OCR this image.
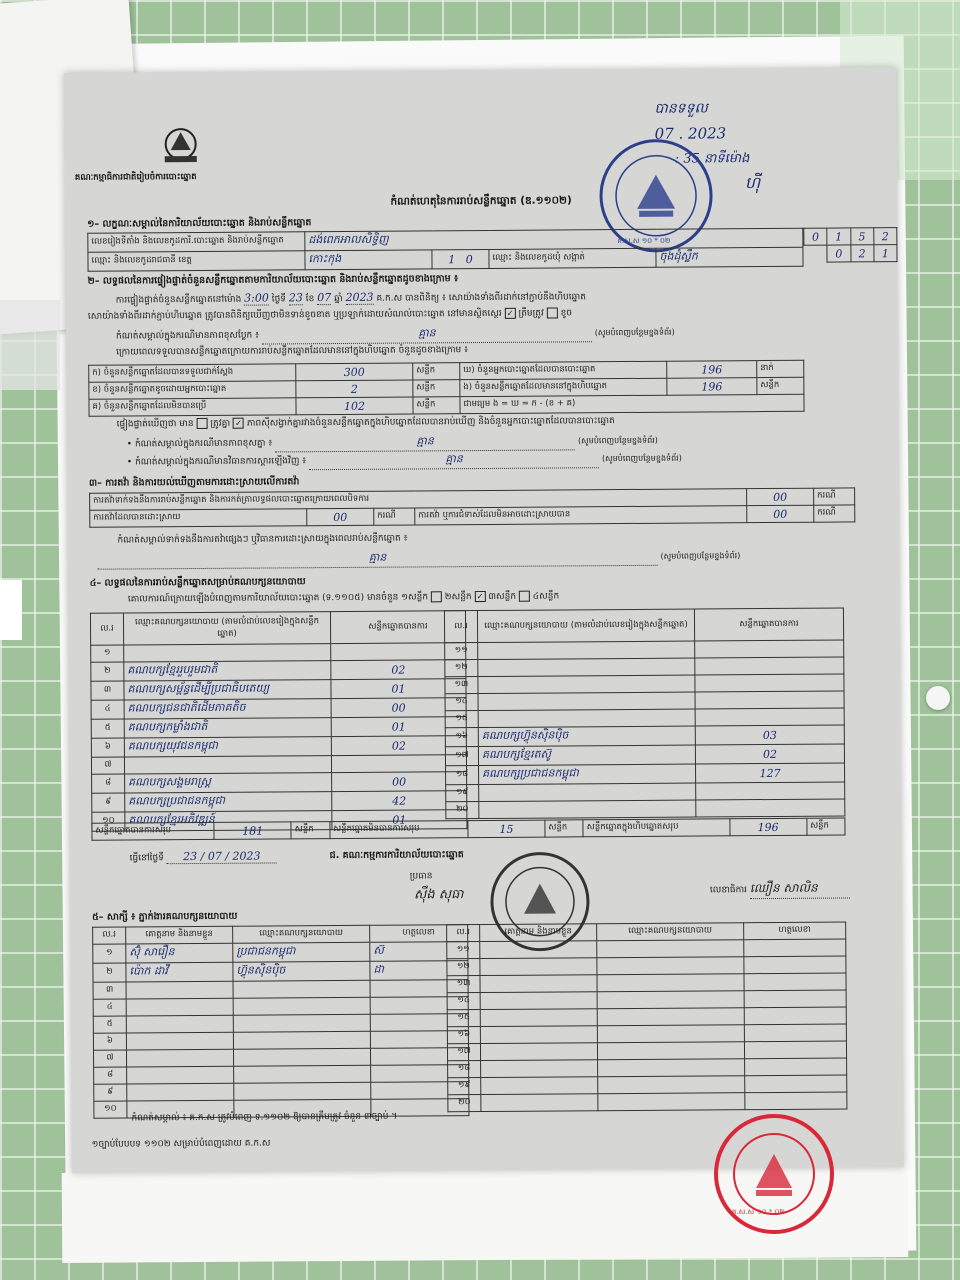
គណៈកម្មាធិការជាតិរៀបចំការបោះឆ្នោត
បានទទួល
07 . 2023
: 35 នាទីម៉ោង
ហ៊ី
គ.ស.ស ១០ * ០២
កំណត់ហេតុនៃការរាប់សន្លឹកឆ្នោត (ឌ.១១០២)
១– លក្ខណៈសម្គាល់នៃការិយាល័យបោះឆ្នោត និងរាប់សន្លឹកឆ្នោត
លេខរៀងទីតាំង និងលេខកូដការិ.បោះឆ្នោត និងរាប់សន្លឹកឆ្នោត	ដង់ពេកអាលសិទ្ធិញ			
ឈ្មោះ និងលេខកូដរាជធានី ខេត្ត	កោះកុង	1 0	ឈ្មោះ និងលេខកូដឃុំ សង្កាត់	ចុងដុំស្លឹក
0	1	5	2
	0	2	1
២– លទ្ធផលនៃការផ្ទៀងផ្ទាត់ចំនួនសន្លឹកឆ្នោតតាមការិយាល័យបោះឆ្នោត និងរាប់សន្លឹកឆ្នោតដូចខាងក្រោម ៖
ការផ្ទៀងផ្ទាត់ចំនួនសន្លឹកឆ្នោតនៅម៉ោង 3:00 ថ្ងៃទី 23 ខែ 07 ឆ្នាំ 2023 គ.ក.ស បានពិនិត្យ ៖ សោយ៉ាងទាំងពីរដាក់នៅភ្ជាប់នឹងហិបឆ្នោត
សោយ៉ាងទាំងពីរដាក់ភ្ជាប់ហិបឆ្នោត ត្រូវបានពិនិត្យឃើញថាមិនទាន់ខូចខាត ឬប្រឡាក់ដោយសំណល់បោះឆ្នោត នៅមានស្ថិតស្ថេរ ✓ ត្រឹមត្រូវ ខូច
កំណត់សម្គាល់ក្នុងករណីមានភាពខុសប្លែក ៖	គ្មាន	(សូមបំពេញបន្ថែមខ្នងទំព័រ)
ក្រោយពេលទទួលបានសន្លឹកឆ្នោតក្រោយការរាប់សន្លឹកឆ្នោតដែលមាននៅក្នុងហិបឆ្នោត ចំនួនដូចខាងក្រោម ៖
ក) ចំនួនសន្លឹកឆ្នោតដែលបានទទួលជាក់ស្តែង	300	សន្លឹក	ឃ) ចំនួនអ្នកបោះឆ្នោតដែលបានបោះឆ្នោត	196	នាក់
ខ) ចំនួនសន្លឹកឆ្នោតខូចដោយអ្នកបោះឆ្នោត	2	សន្លឹក	ង) ចំនួនសន្លឹកឆ្នោតដែលមាននៅក្នុងហិបឆ្នោត	196	សន្លឹក
គ) ចំនួនសន្លឹកឆ្នោតដែលមិនបានប្រើ	102	សន្លឹក	ជាមធ្យម ង = ឃ = ក - (ខ + គ)		
ផ្ទៀងផ្ទាត់ឃើញថា មាន ត្រូវគ្នា ✓ ភាពស៊ីសង្វាក់គ្នារវាងចំនួនសន្លឹកឆ្នោតក្នុងហិបឆ្នោតដែលបានរាប់ឃើញ និងចំនួនអ្នកបោះឆ្នោតដែលបានបោះឆ្នោត
• កំណត់សម្គាល់ក្នុងករណីមានភាពខុសគ្នា ៖	គ្មាន	(សូមបំពេញបន្ថែមខ្នងទំព័រ)
• កំណត់សម្គាល់ក្នុងករណីមានវិធានការស្តារឡើងវិញ ៖	គ្មាន	(សូមបំពេញបន្ថែមខ្នងទំព័រ)
៣– ការតវ៉ា និងការយល់ឃើញតាមការដោះស្រាយលើការតវ៉ា
ការតវ៉ាទាក់ទងនឹងការរាប់សន្លឹកឆ្នោត និងការកត់ត្រាលទ្ធផលបោះឆ្នោតក្រោយពេលបិទការ				00	ករណី
ការតវ៉ាដែលបានដោះស្រាយ	00	ករណី	ការតវ៉ា ឬការជំទាស់ដែលមិនអាចដោះស្រាយបាន	00	ករណី
កំណត់សម្គាល់ទាក់ទងនឹងការតវ៉ាផ្សេងៗ ឬវិធានការដោះស្រាយក្នុងពេលរាប់សន្លឹកឆ្នោត ៖
គ្មាន	(សូមបំពេញបន្ថែមខ្នងទំព័រ)
៤– លទ្ធផលនៃការរាប់សន្លឹកឆ្នោតសម្រាប់គណបក្សនយោបាយ
គោលការណ៍ក្រោយឡើងបំពេញតាមការិយាល័យបោះឆ្នោត (ទ.១១០៥) មានចំនួន ១សន្លឹក ២សន្លឹក ✓ ៣សន្លឹក ៤សន្លឹក
ល.រ	ឈ្មោះគណបក្សនយោបាយ (តាមលំដាប់លេខរៀងក្នុងសន្លឹកឆ្នោត)	សន្លឹកឆ្នោតបានការ
១		
២	គណបក្សខ្មែររួបរួមជាតិ	02
៣	គណបក្សសម្ព័ន្ធដើម្បីប្រជាធិបតេយ្យ	01
៤	គណបក្សជនជាតិដើមភាគតិច	00
៥	គណបក្សកម្លាំងជាតិ	01
៦	គណបក្សយុវជនកម្ពុជា	02
៧		
៨	គណបក្សសង្គមរាស្ត្រ	00
៩	គណបក្សប្រជាជនកម្ពុជា	42
១០	គណបក្សខ្មែរអភិវឌ្ឍន៍	01
ល.រ	ឈ្មោះគណបក្សនយោបាយ (តាមលំដាប់លេខរៀងក្នុងសន្លឹកឆ្នោត)	សន្លឹកឆ្នោតបានការ
១១		
១២		
១៣		
១៤		
១៥		
១៦	គណបក្សហ៊្វុនស៊ិនប៉ិច	03
១៧	គណបក្សខ្មែរតស៊ូ	02
១៨	គណបក្សប្រជាជនកម្ពុជា	127
១៩		
២០		
សន្លឹកឆ្នោតបានការសរុប	181	សន្លឹក	សន្លឹកឆ្នោតមិនបានការសរុប	15	សន្លឹក	សន្លឹកឆ្នោតក្នុងហិបឆ្នោតសរុប	196	សន្លឹក
ធ្វើនៅថ្ងៃទី 23 / 07 / 2023	ជ. គណៈកម្មការការិយាល័យបោះឆ្នោត
ប្រធាន
ស៊ឹង សុធា	លេខាធិការ ឈឿន សាលិន
៥– សាក្សី ៖ ភ្នាក់ងារគណបក្សនយោបាយ
ល.រ	គោត្តនាម និងនាមខ្លួន	ឈ្មោះគណបក្សនយោបាយ	ហត្ថលេខា
១	ស៊ុំ សារឿន	ប្រជាជនកម្ពុជា	ស៊
២	ប៉ោក ដាវី	ហ៊្វុនស៊ិនប៉ិច	ដា
៣			
៤			
៥			
៦			
៧			
៨			
៩			
១០			
ល.រ	គោត្តនាម និងនាមខ្លួន	ឈ្មោះគណបក្សនយោបាយ	ហត្ថលេខា
១១			
១២			
១៣			
១៤			
១៥			
១៦			
១៧			
១៨			
១៩			
២០			
កំណត់សម្គាល់ ៖ គ.ក.ស ត្រូវបំពេញ ទ.១១០២ ឱ្យបានត្រឹមត្រូវ ចំនួន ៣ច្បាប់ ។
១ច្បាប់បែបបទ ១១០២ សម្រាប់បំពេញដោយ គ.ក.ស
គ.ស.ស ១០ * ០២
